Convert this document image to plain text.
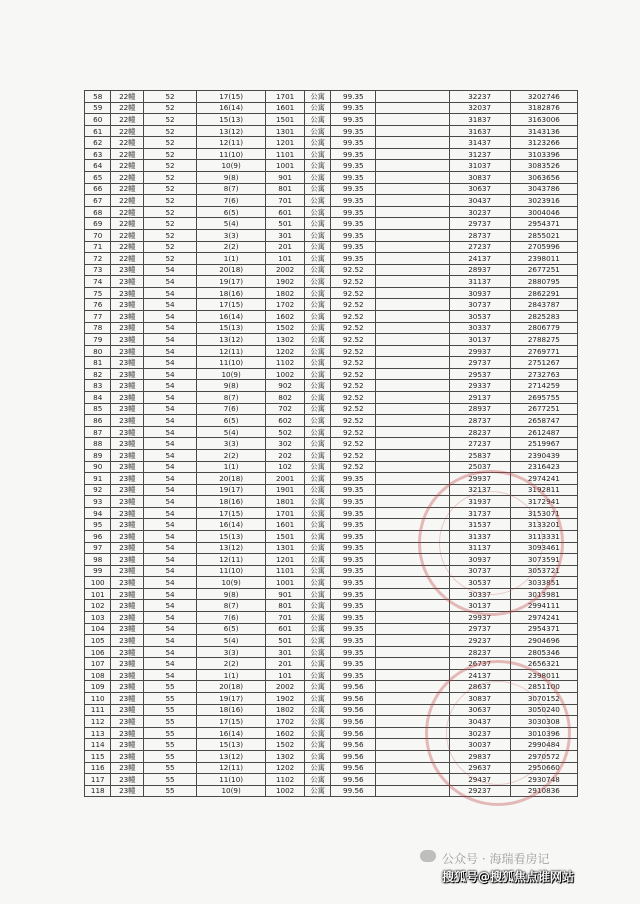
58	22幢	52	17(15)	1701	公寓	99.35		32237	3202746
59	22幢	52	16(14)	1601	公寓	99.35		32037	3182876
60	22幢	52	15(13)	1501	公寓	99.35		31837	3163006
61	22幢	52	13(12)	1301	公寓	99.35		31637	3143136
62	22幢	52	12(11)	1201	公寓	99.35		31437	3123266
63	22幢	52	11(10)	1101	公寓	99.35		31237	3103396
64	22幢	52	10(9)	1001	公寓	99.35		31037	3083526
65	22幢	52	9(8)	901	公寓	99.35		30837	3063656
66	22幢	52	8(7)	801	公寓	99.35		30637	3043786
67	22幢	52	7(6)	701	公寓	99.35		30437	3023916
68	22幢	52	6(5)	601	公寓	99.35		30237	3004046
69	22幢	52	5(4)	501	公寓	99.35		29737	2954371
70	22幢	52	3(3)	301	公寓	99.35		28737	2855021
71	22幢	52	2(2)	201	公寓	99.35		27237	2705996
72	22幢	52	1(1)	101	公寓	99.35		24137	2398011
73	23幢	54	20(18)	2002	公寓	92.52		28937	2677251
74	23幢	54	19(17)	1902	公寓	92.52		31137	2880795
75	23幢	54	18(16)	1802	公寓	92.52		30937	2862291
76	23幢	54	17(15)	1702	公寓	92.52		30737	2843787
77	23幢	54	16(14)	1602	公寓	92.52		30537	2825283
78	23幢	54	15(13)	1502	公寓	92.52		30337	2806779
79	23幢	54	13(12)	1302	公寓	92.52		30137	2788275
80	23幢	54	12(11)	1202	公寓	92.52		29937	2769771
81	23幢	54	11(10)	1102	公寓	92.52		29737	2751267
82	23幢	54	10(9)	1002	公寓	92.52		29537	2732763
83	23幢	54	9(8)	902	公寓	92.52		29337	2714259
84	23幢	54	8(7)	802	公寓	92.52		29137	2695755
85	23幢	54	7(6)	702	公寓	92.52		28937	2677251
86	23幢	54	6(5)	602	公寓	92.52		28737	2658747
87	23幢	54	5(4)	502	公寓	92.52		28237	2612487
88	23幢	54	3(3)	302	公寓	92.52		27237	2519967
89	23幢	54	2(2)	202	公寓	92.52		25837	2390439
90	23幢	54	1(1)	102	公寓	92.52		25037	2316423
91	23幢	54	20(18)	2001	公寓	99.35		29937	2974241
92	23幢	54	19(17)	1901	公寓	99.35		32137	3192811
93	23幢	54	18(16)	1801	公寓	99.35		31937	3172941
94	23幢	54	17(15)	1701	公寓	99.35		31737	3153071
95	23幢	54	16(14)	1601	公寓	99.35		31537	3133201
96	23幢	54	15(13)	1501	公寓	99.35		31337	3113331
97	23幢	54	13(12)	1301	公寓	99.35		31137	3093461
98	23幢	54	12(11)	1201	公寓	99.35		30937	3073591
99	23幢	54	11(10)	1101	公寓	99.35		30737	3053721
100	23幢	54	10(9)	1001	公寓	99.35		30537	3033851
101	23幢	54	9(8)	901	公寓	99.35		30337	3013981
102	23幢	54	8(7)	801	公寓	99.35		30137	2994111
103	23幢	54	7(6)	701	公寓	99.35		29937	2974241
104	23幢	54	6(5)	601	公寓	99.35		29737	2954371
105	23幢	54	5(4)	501	公寓	99.35		29237	2904696
106	23幢	54	3(3)	301	公寓	99.35		28237	2805346
107	23幢	54	2(2)	201	公寓	99.35		26737	2656321
108	23幢	54	1(1)	101	公寓	99.35		24137	2398011
109	23幢	55	20(18)	2002	公寓	99.56		28637	2851100
110	23幢	55	19(17)	1902	公寓	99.56		30837	3070152
111	23幢	55	18(16)	1802	公寓	99.56		30637	3050240
112	23幢	55	17(15)	1702	公寓	99.56		30437	3030308
113	23幢	55	16(14)	1602	公寓	99.56		30237	3010396
114	23幢	55	15(13)	1502	公寓	99.56		30037	2990484
115	23幢	55	13(12)	1302	公寓	99.56		29837	2970572
116	23幢	55	12(11)	1202	公寓	99.56		29637	2950660
117	23幢	55	11(10)	1102	公寓	99.56		29437	2930748
118	23幢	55	10(9)	1002	公寓	99.56		29237	2910836
公众号 · 海瑞看房记
搜狐号@搜狐焦点谁网站
